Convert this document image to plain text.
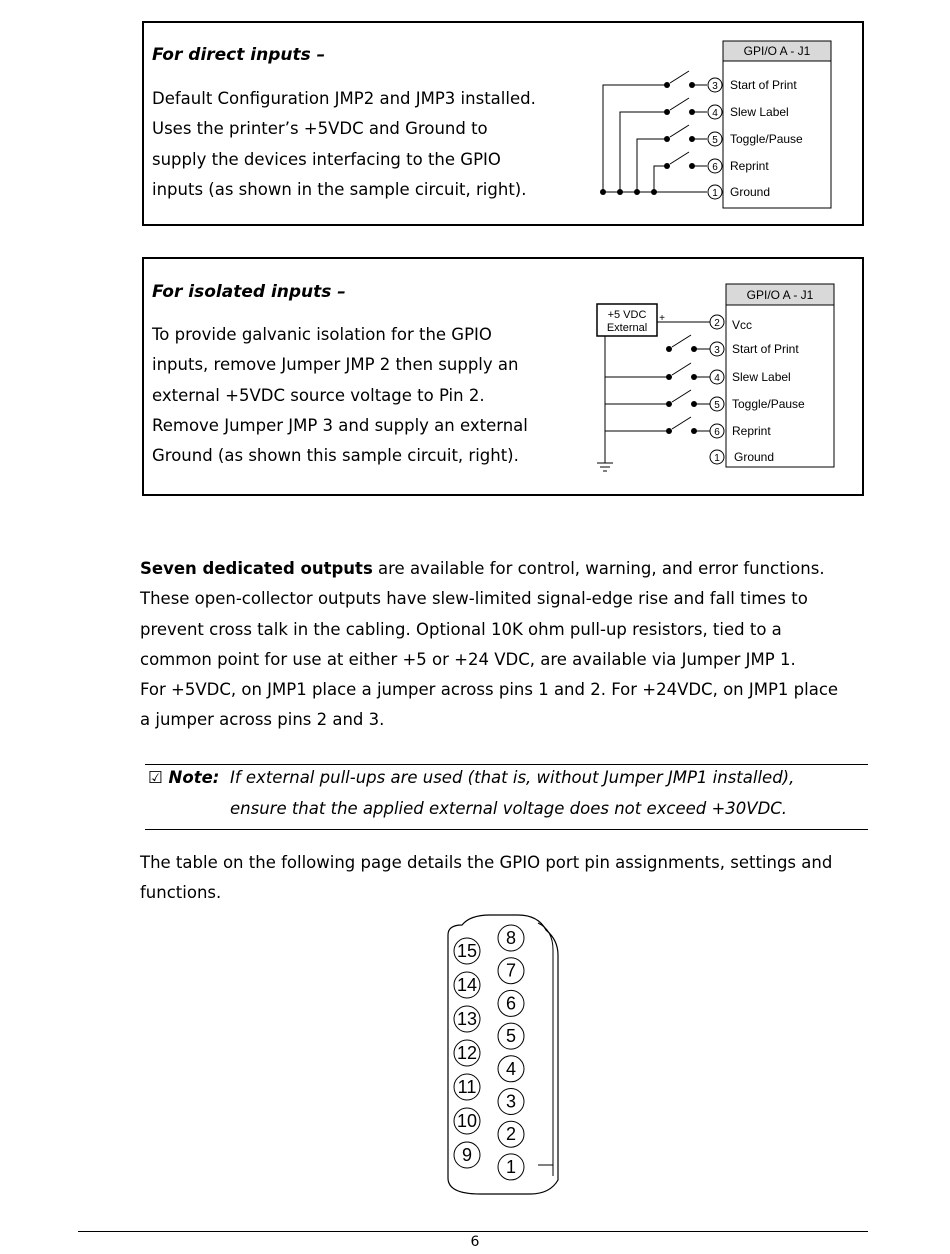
For direct inputs –
Default Configuration JMP2 and JMP3 installed.
Uses the printer’s +5VDC and Ground to
supply the devices interfacing to the GPIO
inputs (as shown in the sample circuit, right).
GPI/O A - J1
3
4
5
6
1
Start of Print
Slew Label
Toggle/Pause
Reprint
Ground
For isolated inputs –
To provide galvanic isolation for the GPIO
inputs, remove Jumper JMP 2 then supply an
external +5VDC source voltage to Pin 2.
Remove Jumper JMP 3 and supply an external
Ground (as shown this sample circuit, right).
GPI/O A - J1
+5 VDC
External
+	2
3
4
5
6
1
Vcc
Start of Print
Slew Label
Toggle/Pause
Reprint
Ground
Seven dedicated outputs are available for control, warning, and error functions.
These open-collector outputs have slew-limited signal-edge rise and fall times to
prevent cross talk in the cabling. Optional 10K ohm pull-up resistors, tied to a
common point for use at either +5 or +24 VDC, are available via Jumper JMP 1.
For +5VDC, on JMP1 place a jumper across pins 1 and 2. For +24VDC, on JMP1 place
a jumper across pins 2 and 3.
☑ Note: If external pull-ups are used (that is, without Jumper JMP1 installed),
ensure that the applied external voltage does not exceed +30VDC.
The table on the following page details the GPIO port pin assignments, settings and
functions.
15
14
13
12
11
10
9
8
7
6
5
4
3
2
1
6
